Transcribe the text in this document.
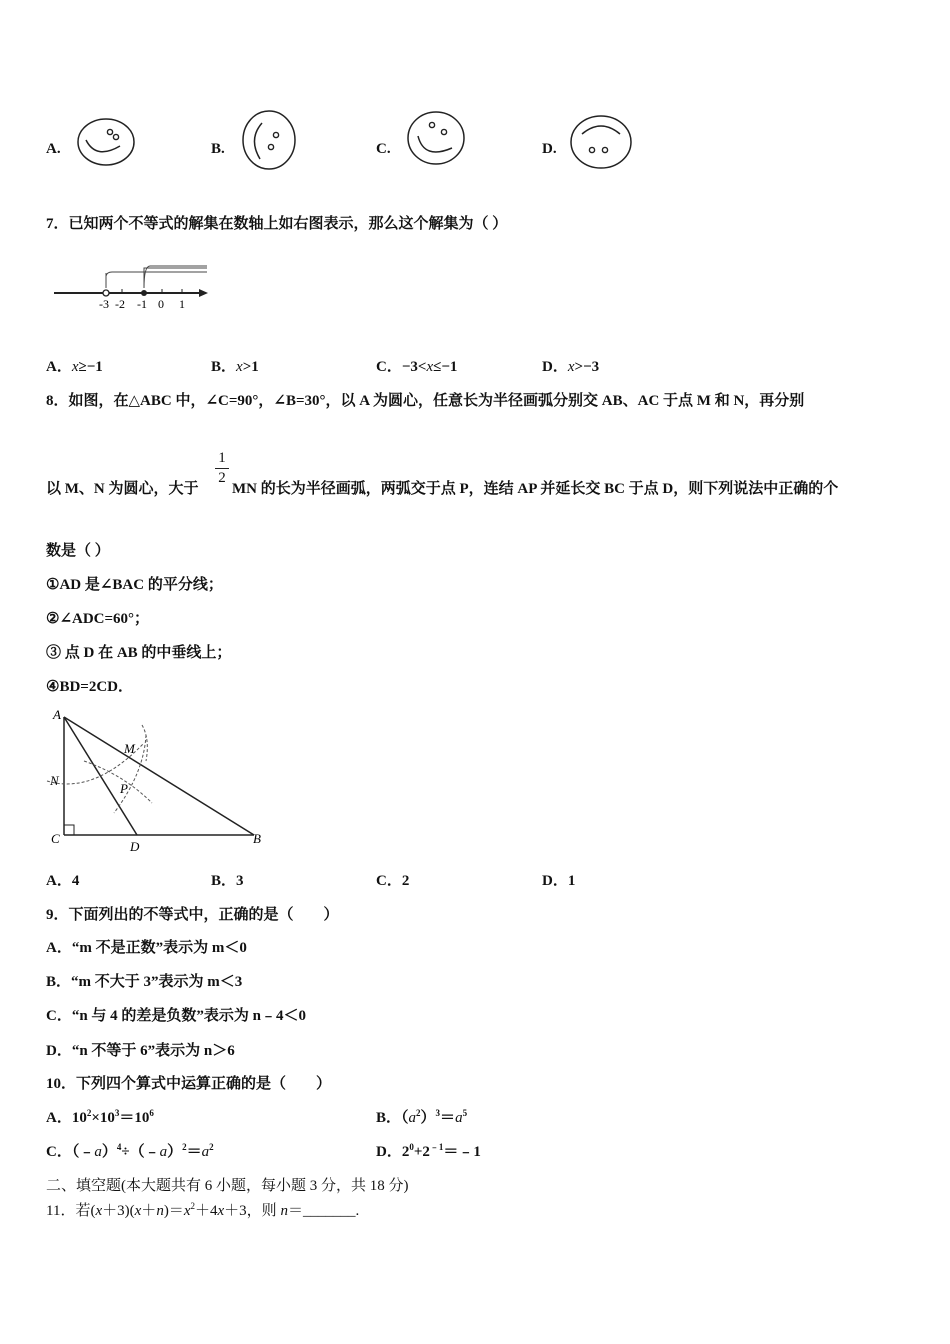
A.	B.	C.	D.
7．已知两个不等式的解集在数轴上如右图表示，那么这个解集为（ ）
-3 -2 -1 0 1
A．x≥−1	B．x>1	C．−3<x≤−1	D．x>−3
8．如图，在△ABC 中，∠C=90°，∠B=30°，以 A 为圆心，任意长为半径画弧分别交 AB、AC 于点 M 和 N，再分别
以 M、N 为圆心，大于
1
2
MN 的长为半径画弧，两弧交于点 P，连结 AP 并延长交 BC 于点 D，则下列说法中正确的个
数是（ ）
①AD 是∠BAC 的平分线；
②∠ADC=60°；
③ 点 D 在 AB 的中垂线上；
④BD=2CD．
A
M
N
P
C
D
B
A．4	B．3	C．2	D．1
9．下面列出的不等式中，正确的是（　　）
A．“m 不是正数”表示为 m＜0
B．“m 不大于 3”表示为 m＜3
C．“n 与 4 的差是负数”表示为 n﹣4＜0
D．“n 不等于 6”表示为 n＞6
10．下列四个算式中运算正确的是（　　）
A．$10^2\times 10^3=10^6$	B．$(a^2)^3=a^5$
C．$(﹣a)^4\div(﹣a)^2=a^2$	D．$2^0+2^{﹣1}=﹣1$
二、填空题(本大题共有 6 小题，每小题 3 分，共 18 分)
11．若$(x+3)(x+n)=x^2+4x+3$，则 n＝_______.
